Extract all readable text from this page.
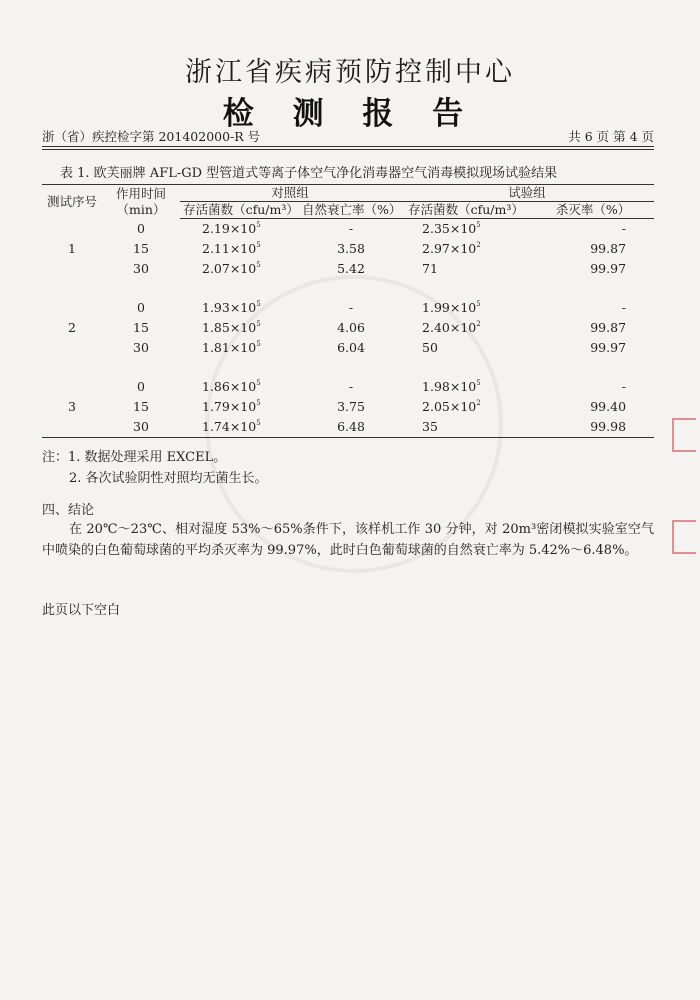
浙江省疾病预防控制中心
检 测 报 告
浙（省）疾控检字第 201402000-R 号	共 6 页 第 4 页
表 1. 欧芙丽牌 AFL-GD 型管道式等离子体空气净化消毒器空气消毒模拟现场试验结果
测试序号	作用时间（min）	对照组		试验组	
		存活菌数（cfu/m³）	自然衰亡率（%）	存活菌数（cfu/m³）	杀灭率（%）
	0	$2.19\times 10^5$	-	$2.35\times 10^5$	-
1	15	$2.11\times 10^5$	3.58	$2.97\times 10^2$	99.87
	30	$2.07\times 10^5$	5.42	71	99.97

	0	$1.93\times 10^5$	-	$1.99\times 10^5$	-
2	15	$1.85\times 10^5$	4.06	$2.40\times 10^2$	99.87
	30	$1.81\times 10^5$	6.04	50	99.97

	0	$1.86\times 10^5$	-	$1.98\times 10^5$	-
3	15	$1.79\times 10^5$	3.75	$2.05\times 10^2$	99.40
	30	$1.74\times 10^5$	6.48	35	99.98
注：1. 数据处理采用 EXCEL。
2. 各次试验阴性对照均无菌生长。
四、结论
在 20℃～23℃、相对湿度 53%～65%条件下，该样机工作 30 分钟，对 20m³密闭模拟实验室空气中喷染的白色葡萄球菌的平均杀灭率为 99.97%，此时白色葡萄球菌的自然衰亡率为 5.42%～6.48%。
此页以下空白
